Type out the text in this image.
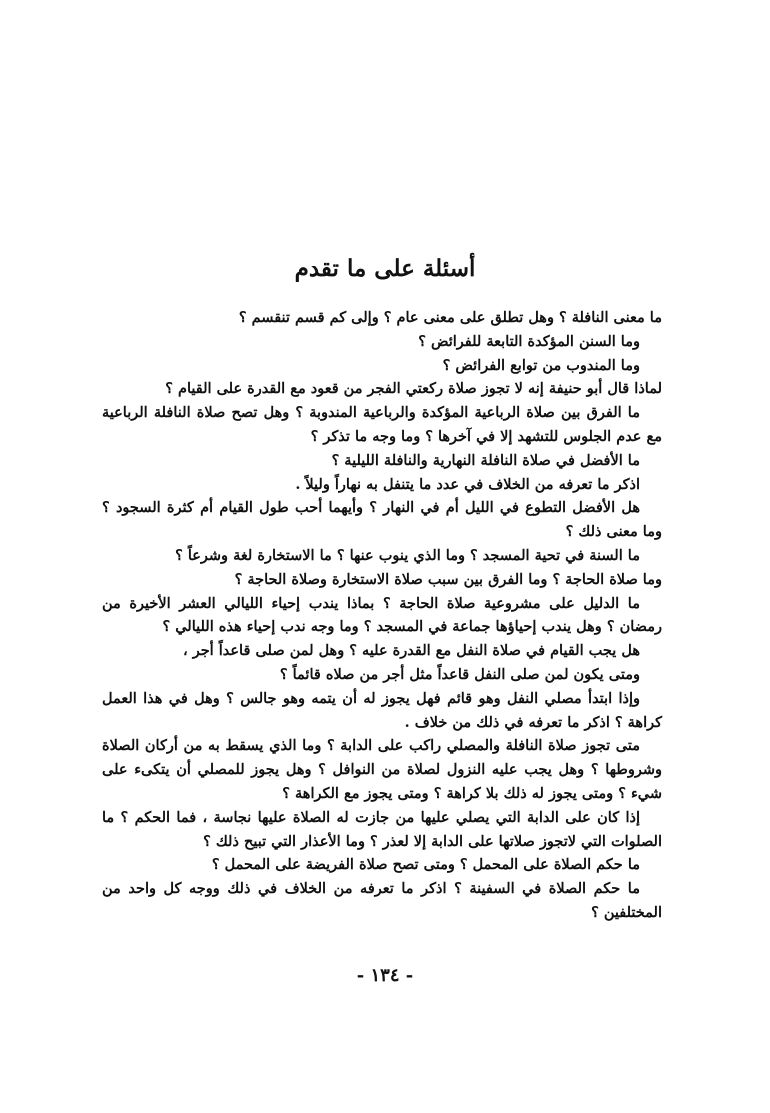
أسئلة على ما تقدم

ما معنى النافلة ؟ وهل تطلق على معنى عام ؟ وإلى كم قسم تنقسم ؟

وما السنن المؤكدة التابعة للفرائض ؟

وما المندوب من توابع الفرائض ؟

لماذا قال أبو حنيفة إنه لا تجوز صلاة ركعتي الفجر من قعود مع القدرة على القيام ؟

ما الفرق بين صلاة الرباعية المؤكدة والرباعية المندوبة ؟ وهل تصح صلاة النافلة الرباعية مع عدم الجلوس للتشهد إلا في آخرها ؟ وما وجه ما تذكر ؟

ما الأفضل في صلاة النافلة النهارية والنافلة الليلية ؟

اذكر ما تعرفه من الخلاف في عدد ما يتنفل به نهاراً وليلاً .

هل الأفضل التطوع في الليل أم في النهار ؟ وأيهما أحب طول القيام أم كثرة السجود ؟ وما معنى ذلك ؟

ما السنة في تحية المسجد ؟ وما الذي ينوب عنها ؟ ما الاستخارة لغة وشرعاً ؟

وما صلاة الحاجة ؟ وما الفرق بين سبب صلاة الاستخارة وصلاة الحاجة ؟

ما الدليل على مشروعية صلاة الحاجة ؟ بماذا يندب إحياء الليالي العشر الأخيرة من رمضان ؟ وهل يندب إحياؤها جماعة في المسجد ؟ وما وجه ندب إحياء هذه الليالي ؟

هل يجب القيام في صلاة النفل مع القدرة عليه ؟ وهل لمن صلى قاعداً أجر ،

ومتى يكون لمن صلى النفل قاعداً مثل أجر من صلاه قائماً ؟

وإذا ابتدأ مصلي النفل وهو قائم فهل يجوز له أن يتمه وهو جالس ؟ وهل في هذا العمل كراهة ؟ اذكر ما تعرفه في ذلك من خلاف .

متى تجوز صلاة النافلة والمصلي راكب على الدابة ؟ وما الذي يسقط به من أركان الصلاة وشروطها ؟ وهل يجب عليه النزول لصلاة من النوافل ؟ وهل يجوز للمصلي أن يتكىء على شيء ؟ ومتى يجوز له ذلك بلا كراهة ؟ ومتى يجوز مع الكراهة ؟

إذا كان على الدابة التي يصلي عليها من جازت له الصلاة عليها نجاسة ، فما الحكم ؟ ما الصلوات التي لاتجوز صلاتها على الدابة إلا لعذر ؟ وما الأعذار التي تبيح ذلك ؟

ما حكم الصلاة على المحمل ؟ ومتى تصح صلاة الفريضة على المحمل ؟

ما حكم الصلاة في السفينة ؟ اذكر ما تعرفه من الخلاف في ذلك ووجه كل واحد من المختلفين ؟

- ١٣٤ -
